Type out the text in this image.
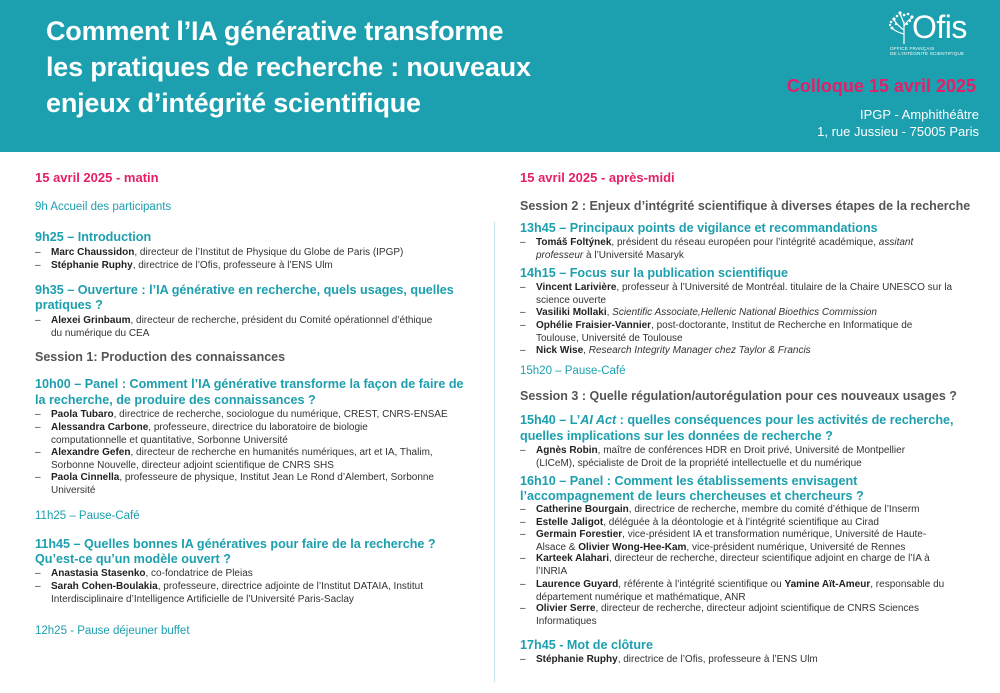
Comment l’IA générative transforme
les pratiques de recherche : nouveaux
enjeux d’intégrité scientifique
Ofis
OFFICE FRANÇAIS
DE L’INTÉGRITÉ SCIENTIFIQUE
Colloque 15 avril 2025
IPGP - Amphithéâtre
1, rue Jussieu - 75005 Paris
15 avril 2025 - matin
9h Accueil des participants
9h25 – Introduction
–	Marc Chaussidon, directeur de l’Institut de Physique du Globe de Paris (IPGP)
–	Stéphanie Ruphy, directrice de l’Ofis, professeure à l’ENS Ulm
9h35 – Ouverture : l’IA générative en recherche, quels usages, quelles
pratiques ?
–	Alexei Grinbaum, directeur de recherche, président du Comité opérationnel d’éthique
du numérique du CEA
Session 1: Production des connaissances
10h00 – Panel : Comment l’IA générative transforme la façon de faire de
la recherche, de produire des connaissances ?
–	Paola Tubaro, directrice de recherche, sociologue du numérique, CREST, CNRS-ENSAE
–	Alessandra Carbone, professeure, directrice du laboratoire de biologie
computationnelle et quantitative, Sorbonne Université
–	Alexandre Gefen, directeur de recherche en humanités numériques, art et IA, Thalim,
Sorbonne Nouvelle, directeur adjoint scientifique de CNRS SHS
–	Paola Cinnella, professeure de physique, Institut Jean Le Rond d’Alembert, Sorbonne
Université
11h25 – Pause-Café
11h45 – Quelles bonnes IA génératives pour faire de la recherche ?
Qu’est-ce qu’un modèle ouvert ?
–	Anastasia Stasenko, co-fondatrice de Pleias
–	Sarah Cohen-Boulakia, professeure, directrice adjointe de l’Institut DATAIA, Institut
Interdisciplinaire d’Intelligence Artificielle de l’Université Paris-Saclay
12h25 - Pause déjeuner buffet
15 avril 2025 - après-midi
Session 2 : Enjeux d’intégrité scientifique à diverses étapes de la recherche
13h45 – Principaux points de vigilance et recommandations
–	Tomáš Foltýnek, président du réseau européen pour l’intégrité académique, assitant
professeur à l’Université Masaryk
14h15 – Focus sur la publication scientifique
–	Vincent Larivière, professeur à l’Université de Montréal. titulaire de la Chaire UNESCO sur la
science ouverte
–	Vasiliki Mollaki, Scientific Associate,Hellenic National Bioethics Commission
–	Ophélie Fraisier-Vannier, post-doctorante, Institut de Recherche en Informatique de
Toulouse, Université de Toulouse
–	Nick Wise, Research Integrity Manager chez Taylor & Francis
15h20 – Pause-Café
Session 3 : Quelle régulation/autorégulation pour ces nouveaux usages ?
15h40 – L’AI Act : quelles conséquences pour les activités de recherche,
quelles implications sur les données de recherche ?
–	Agnès Robin, maître de conférences HDR en Droit privé, Université de Montpellier
(LICeM), spécialiste de Droit de la propriété intellectuelle et du numérique
16h10 – Panel : Comment les établissements envisagent
l’accompagnement de leurs chercheuses et chercheurs ?
–	Catherine Bourgain, directrice de recherche, membre du comité d’éthique de l’Inserm
–	Estelle Jaligot, déléguée à la déontologie et à l’intégrité scientifique au Cirad
–	Germain Forestier, vice-président IA et transformation numérique, Université de Haute-
Alsace & Olivier Wong-Hee-Kam, vice-président numérique, Université de Rennes
–	Karteek Alahari, directeur de recherche, directeur scientifique adjoint en charge de l’IA à
l’INRIA
–	Laurence Guyard, référente à l’intégrité scientifique ou Yamine Aït-Ameur, responsable du
département numérique et mathématique, ANR
–	Olivier Serre, directeur de recherche, directeur adjoint scientifique de CNRS Sciences
Informatiques
17h45 - Mot de clôture
–	Stéphanie Ruphy, directrice de l’Ofis, professeure à l’ENS Ulm
